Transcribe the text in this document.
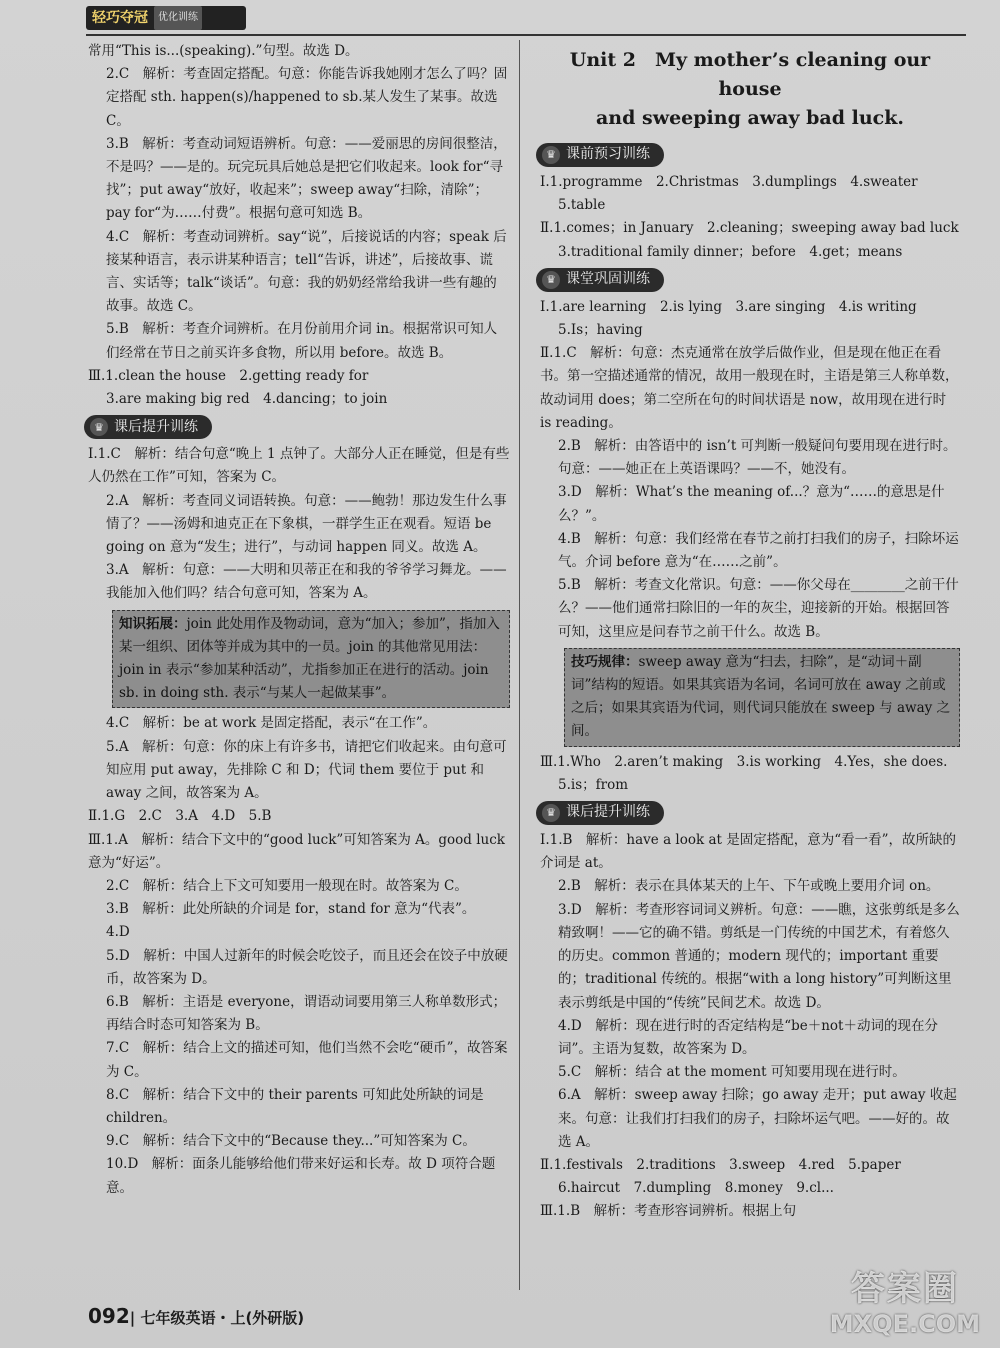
轻巧夺冠	优化训练

常用“This is...(speaking).”句型。故选 D。

2.C　解析：考查固定搭配。句意：你能告诉我她刚才怎么了吗？固定搭配 sth. happen(s)/happened to sb.某人发生了某事。故选 C。

3.B　解析：考查动词短语辨析。句意：——爱丽思的房间很整洁，不是吗？——是的。玩完玩具后她总是把它们收起来。look for“寻找”；put away“放好，收起来”；sweep away“扫除，清除”；pay for“为……付费”。根据句意可知选 B。

4.C　解析：考查动词辨析。say“说”，后接说话的内容；speak 后接某种语言，表示讲某种语言；tell“告诉，讲述”，后接故事、谎言、实话等；talk“谈话”。句意：我的奶奶经常给我讲一些有趣的故事。故选 C。

5.B　解析：考查介词辨析。在月份前用介词 in。根据常识可知人们经常在节日之前买许多食物，所以用 before。故选 B。

Ⅲ.1.clean the house　2.getting ready for

3.are making big red　4.dancing；to join

♛ 课后提升训练

Ⅰ.1.C　解析：结合句意“晚上 1 点钟了。大部分人正在睡觉，但是有些人仍然在工作”可知，答案为 C。

2.A　解析：考查同义词语转换。句意：——鲍勃！那边发生什么事情了？——汤姆和迪克正在下象棋，一群学生正在观看。短语 be going on 意为“发生；进行”，与动词 happen 同义。故选 A。

3.A　解析：句意：——大明和贝蒂正在和我的爷爷学习舞龙。——我能加入他们吗？结合句意可知，答案为 A。

知识拓展：join 此处用作及物动词，意为“加入；参加”，指加入某一组织、团体等并成为其中的一员。join 的其他常见用法：join in 表示“参加某种活动”，尤指参加正在进行的活动。join sb. in doing sth. 表示“与某人一起做某事”。

4.C　解析：be at work 是固定搭配，表示“在工作”。

5.A　解析：句意：你的床上有许多书，请把它们收起来。由句意可知应用 put away，先排除 C 和 D；代词 them 要位于 put 和 away 之间，故答案为 A。

Ⅱ.1.G　2.C　3.A　4.D　5.B

Ⅲ.1.A　解析：结合下文中的“good luck”可知答案为 A。good luck 意为“好运”。

2.C　解析：结合上下文可知要用一般现在时。故答案为 C。

3.B　解析：此处所缺的介词是 for，stand for 意为“代表”。

4.D

5.D　解析：中国人过新年的时候会吃饺子，而且还会在饺子中放硬币，故答案为 D。

6.B　解析：主语是 everyone，谓语动词要用第三人称单数形式；再结合时态可知答案为 B。

7.C　解析：结合上文的描述可知，他们当然不会吃“硬币”，故答案为 C。

8.C　解析：结合下文中的 their parents 可知此处所缺的词是 children。

9.C　解析：结合下文中的“Because they...”可知答案为 C。

10.D　解析：面条儿能够给他们带来好运和长寿。故 D 项符合题意。

Unit 2　My mother’s cleaning our house
and sweeping away bad luck.
♛ 课前预习训练

Ⅰ.1.programme　2.Christmas　3.dumplings　4.sweater

5.table

Ⅱ.1.comes；in January　2.cleaning；sweeping away bad luck

3.traditional family dinner；before　4.get；means

♛ 课堂巩固训练

Ⅰ.1.are learning　2.is lying　3.are singing　4.is writing

5.Is；having

Ⅱ.1.C　解析：句意：杰克通常在放学后做作业，但是现在他正在看书。第一空描述通常的情况，故用一般现在时，主语是第三人称单数，故动词用 does；第二空所在句的时间状语是 now，故用现在进行时 is reading。

2.B　解析：由答语中的 isn’t 可判断一般疑问句要用现在进行时。句意：——她正在上英语课吗？——不，她没有。

3.D　解析：What’s the meaning of...？意为“……的意思是什么？”。

4.B　解析：句意：我们经常在春节之前打扫我们的房子，扫除坏运气。介词 before 意为“在……之前”。

5.B　解析：考查文化常识。句意：——你父母在________之前干什么？——他们通常扫除旧的一年的灰尘，迎接新的开始。根据回答可知，这里应是问春节之前干什么。故选 B。

技巧规律：sweep away 意为“扫去，扫除”，是“动词＋副词”结构的短语。如果其宾语为名词，名词可放在 away 之前或之后；如果其宾语为代词，则代词只能放在 sweep 与 away 之间。

Ⅲ.1.Who　2.aren’t making　3.is working　4.Yes，she does.

5.is；from

♛ 课后提升训练

Ⅰ.1.B　解析：have a look at 是固定搭配，意为“看一看”，故所缺的介词是 at。

2.B　解析：表示在具体某天的上午、下午或晚上要用介词 on。

3.D　解析：考查形容词词义辨析。句意：——瞧，这张剪纸是多么精致啊！——它的确不错。剪纸是一门传统的中国艺术，有着悠久的历史。common 普通的；modern 现代的；important 重要的；traditional 传统的。根据“with a long history”可判断这里表示剪纸是中国的“传统”民间艺术。故选 D。

4.D　解析：现在进行时的否定结构是“be＋not＋动词的现在分词”。主语为复数，故答案为 D。

5.C　解析：结合 at the moment 可知要用现在进行时。

6.A　解析：sweep away 扫除；go away 走开；put away 收起来。句意：让我们打扫我们的房子，扫除坏运气吧。——好的。故选 A。

Ⅱ.1.festivals　2.traditions　3.sweep　4.red　5.paper

6.haircut　7.dumpling　8.money　9.cl...

Ⅲ.1.B　解析：考查形容词辨析。根据上句

092| 七年级英语・上(外研版)
答案圈
MXQE.COM
